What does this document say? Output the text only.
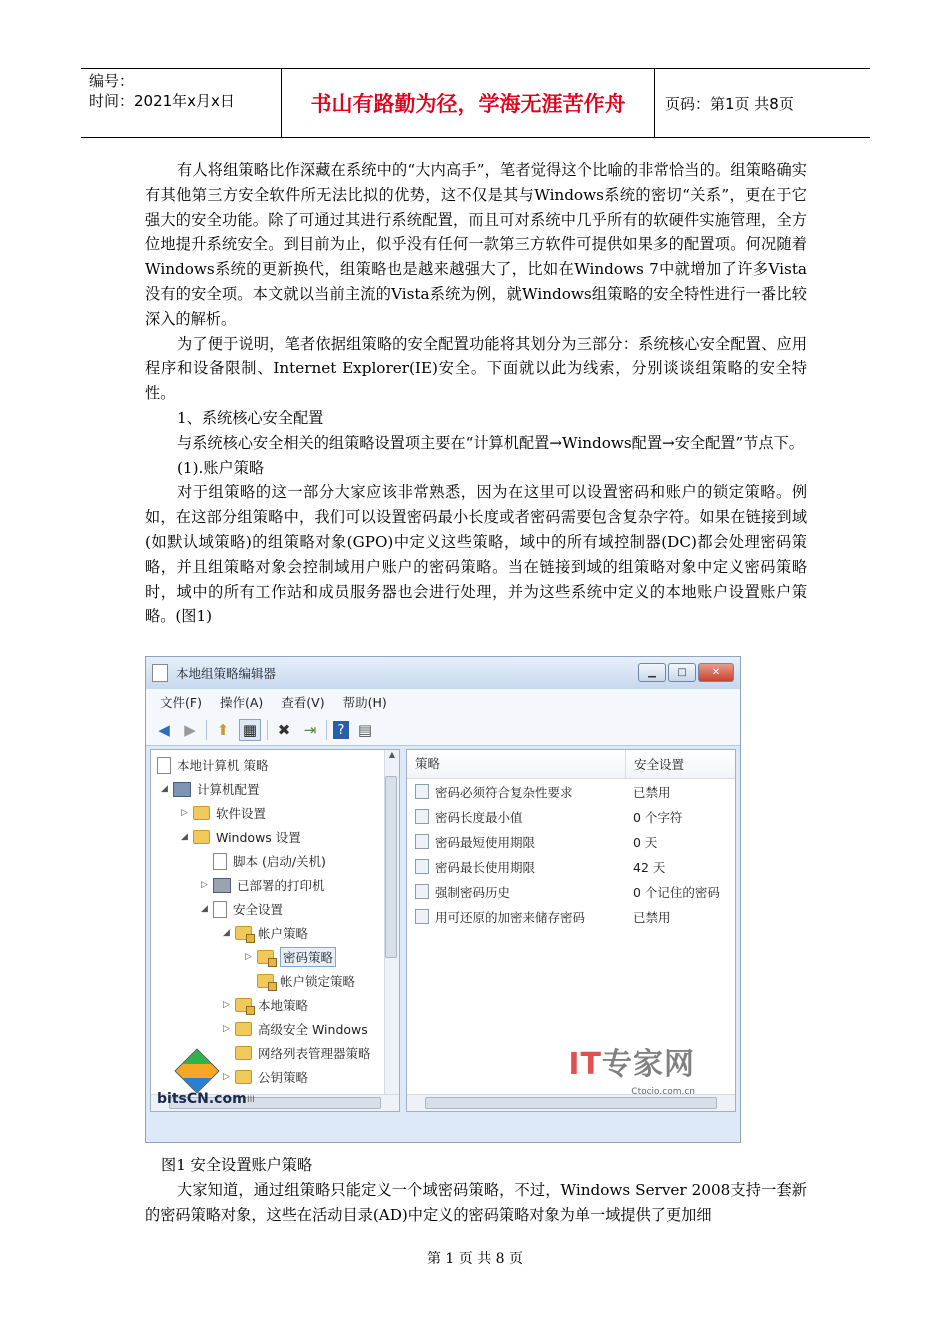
编号：
时间：2021年x月x日	书山有路勤为径，学海无涯苦作舟	页码：第1页 共8页

有人将组策略比作深藏在系统中的“大内高手”，笔者觉得这个比喻的非常恰当的。组策略确实有其他第三方安全软件所无法比拟的优势，这不仅是其与Windows系统的密切“关系”，更在于它强大的安全功能。除了可通过其进行系统配置，而且可对系统中几乎所有的软硬件实施管理，全方位地提升系统安全。到目前为止，似乎没有任何一款第三方软件可提供如果多的配置项。何况随着Windows系统的更新换代，组策略也是越来越强大了，比如在Windows 7中就增加了许多Vista没有的安全项。本文就以当前主流的Vista系统为例，就Windows组策略的安全特性进行一番比较深入的解析。

为了便于说明，笔者依据组策略的安全配置功能将其划分为三部分：系统核心安全配置、应用程序和设备限制、Internet Explorer(IE)安全。下面就以此为线索，分别谈谈组策略的安全特性。

1、系统核心安全配置

与系统核心安全相关的组策略设置项主要在“计算机配置→Windows配置→安全配置”节点下。

(1).账户策略

对于组策略的这一部分大家应该非常熟悉，因为在这里可以设置密码和账户的锁定策略。例如，在这部分组策略中，我们可以设置密码最小长度或者密码需要包含复杂字符。如果在链接到域(如默认域策略)的组策略对象(GPO)中定义这些策略，域中的所有域控制器(DC)都会处理密码策略，并且组策略对象会控制域用户账户的密码策略。当在链接到域的组策略对象中定义密码策略时，域中的所有工作站和成员服务器也会进行处理，并为这些系统中定义的本地账户设置账户策略。(图1)

本地组策略编辑器	▁	□	✕
文件(F) 操作(A) 查看(V) 帮助(H)
◀ ▶ ⬆ ▦ ✖ ⇥	? ▤
本地计算机 策略
◢	计算机配置
▷	软件设置
◢	Windows 设置
脚本 (启动/关机)
▷	已部署的打印机
◢	安全设置
◢	帐户策略
▷	密码策略
帐户锁定策略
▷	本地策略
▷	高级安全 Windows
网络列表管理器策略
▷	公钥策略
▲
III
bitsCN.com
策略	安全设置
密码必须符合复杂性要求	已禁用
密码长度最小值	0 个字符
密码最短使用期限	0 天
密码最长使用期限	42 天
强制密码历史	0 个记住的密码
用可还原的加密来储存密码	已禁用
IT专家网
Ctocio.com.cn

图1 安全设置账户策略

大家知道，通过组策略只能定义一个域密码策略，不过，Windows Server 2008支持一套新的密码策略对象，这些在活动目录(AD)中定义的密码策略对象为单一域提供了更加细

第 1 页 共 8 页
